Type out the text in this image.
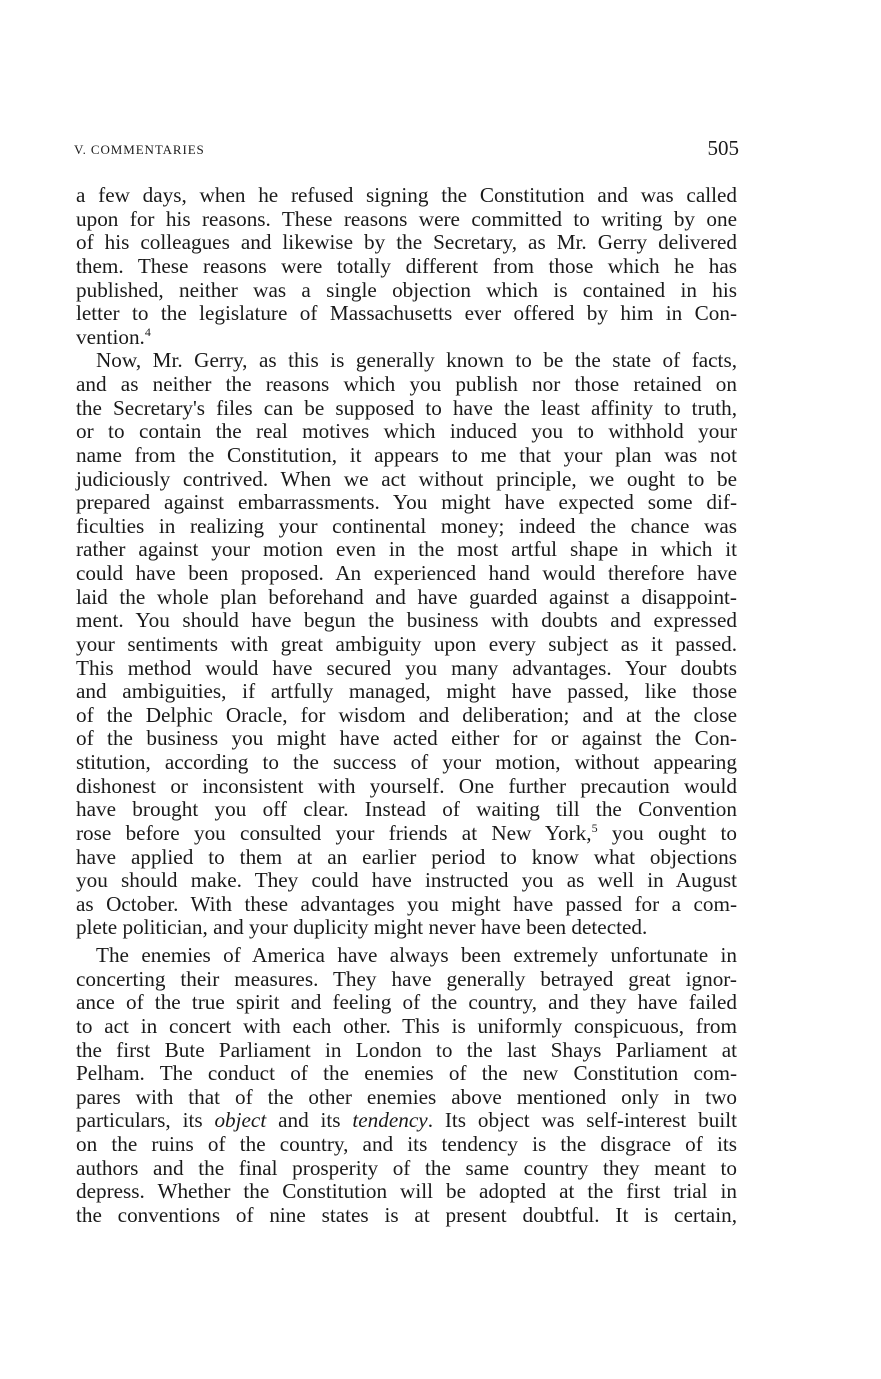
V. COMMENTARIES	505
a few days, when he refused signing the Constitution and was called
upon for his reasons. These reasons were committed to writing by one
of his colleagues and likewise by the Secretary, as Mr. Gerry delivered
them. These reasons were totally different from those which he has
published, neither was a single objection which is contained in his
letter to the legislature of Massachusetts ever offered by him in Con-
vention.$^4$
Now, Mr. Gerry, as this is generally known to be the state of facts,
and as neither the reasons which you publish nor those retained on
the Secretary's files can be supposed to have the least affinity to truth,
or to contain the real motives which induced you to withhold your
name from the Constitution, it appears to me that your plan was not
judiciously contrived. When we act without principle, we ought to be
prepared against embarrassments. You might have expected some dif-
ficulties in realizing your continental money; indeed the chance was
rather against your motion even in the most artful shape in which it
could have been proposed. An experienced hand would therefore have
laid the whole plan beforehand and have guarded against a disappoint-
ment. You should have begun the business with doubts and expressed
your sentiments with great ambiguity upon every subject as it passed.
This method would have secured you many advantages. Your doubts
and ambiguities, if artfully managed, might have passed, like those
of the Delphic Oracle, for wisdom and deliberation; and at the close
of the business you might have acted either for or against the Con-
stitution, according to the success of your motion, without appearing
dishonest or inconsistent with yourself. One further precaution would
have brought you off clear. Instead of waiting till the Convention
rose before you consulted your friends at New York,$^5$ you ought to
have applied to them at an earlier period to know what objections
you should make. They could have instructed you as well in August
as October. With these advantages you might have passed for a com-
plete politician, and your duplicity might never have been detected.
The enemies of America have always been extremely unfortunate in
concerting their measures. They have generally betrayed great ignor-
ance of the true spirit and feeling of the country, and they have failed
to act in concert with each other. This is uniformly conspicuous, from
the first Bute Parliament in London to the last Shays Parliament at
Pelham. The conduct of the enemies of the new Constitution com-
pares with that of the other enemies above mentioned only in two
particulars, its object and its tendency. Its object was self-interest built
on the ruins of the country, and its tendency is the disgrace of its
authors and the final prosperity of the same country they meant to
depress. Whether the Constitution will be adopted at the first trial in
the conventions of nine states is at present doubtful. It is certain,
